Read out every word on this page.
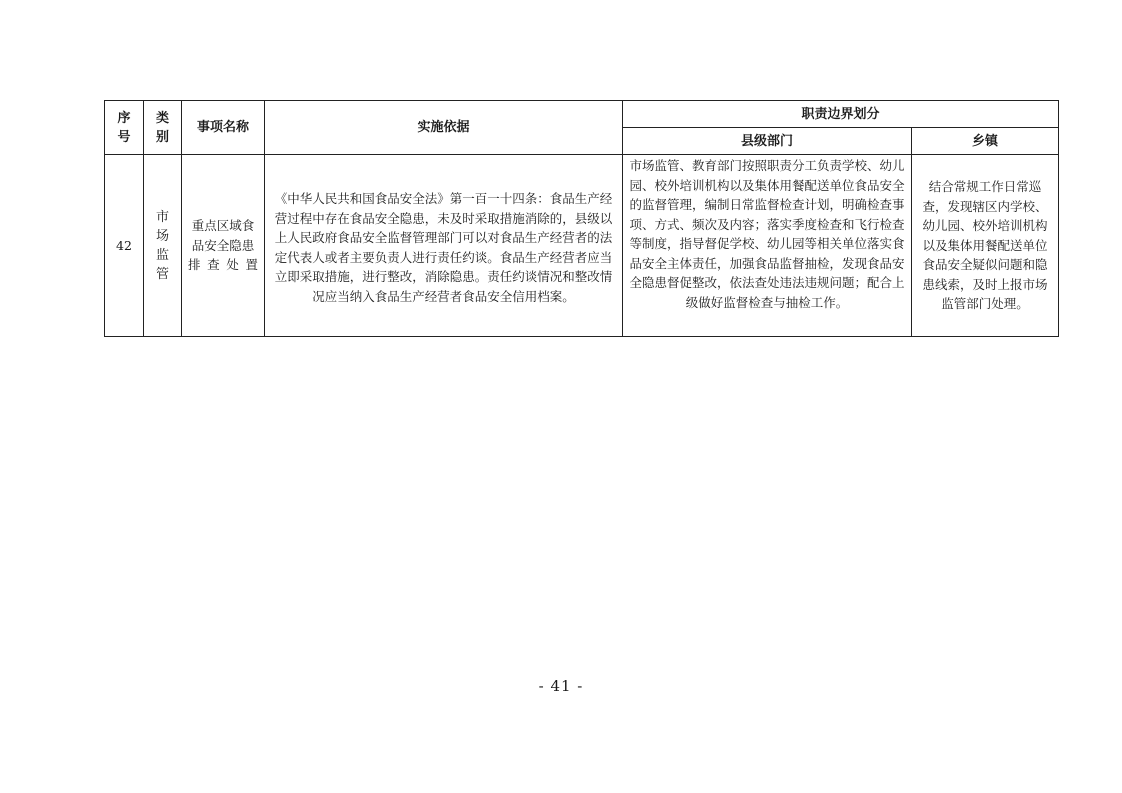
序号	类别	事项名称	实施依据	职责边界划分	
				县级部门	乡镇
42	市场监管	重点区域食品安全隐患排查处置	《中华人民共和国食品安全法》第一百一十四条：食品生产经营过程中存在食品安全隐患，未及时采取措施消除的，县级以上人民政府食品安全监督管理部门可以对食品生产经营者的法定代表人或者主要负责人进行责任约谈。食品生产经营者应当立即采取措施，进行整改，消除隐患。责任约谈情况和整改情况应当纳入食品生产经营者食品安全信用档案。	市场监管、教育部门按照职责分工负责学校、幼儿园、校外培训机构以及集体用餐配送单位食品安全的监督管理，编制日常监督检查计划，明确检查事项、方式、频次及内容；落实季度检查和飞行检查等制度，指导督促学校、幼儿园等相关单位落实食品安全主体责任，加强食品监督抽检，发现食品安全隐患督促整改，依法查处违法违规问题；配合上级做好监督检查与抽检工作。	结合常规工作日常巡查，发现辖区内学校、幼儿园、校外培训机构以及集体用餐配送单位食品安全疑似问题和隐患线索，及时上报市场监管部门处理。
- 41 -
